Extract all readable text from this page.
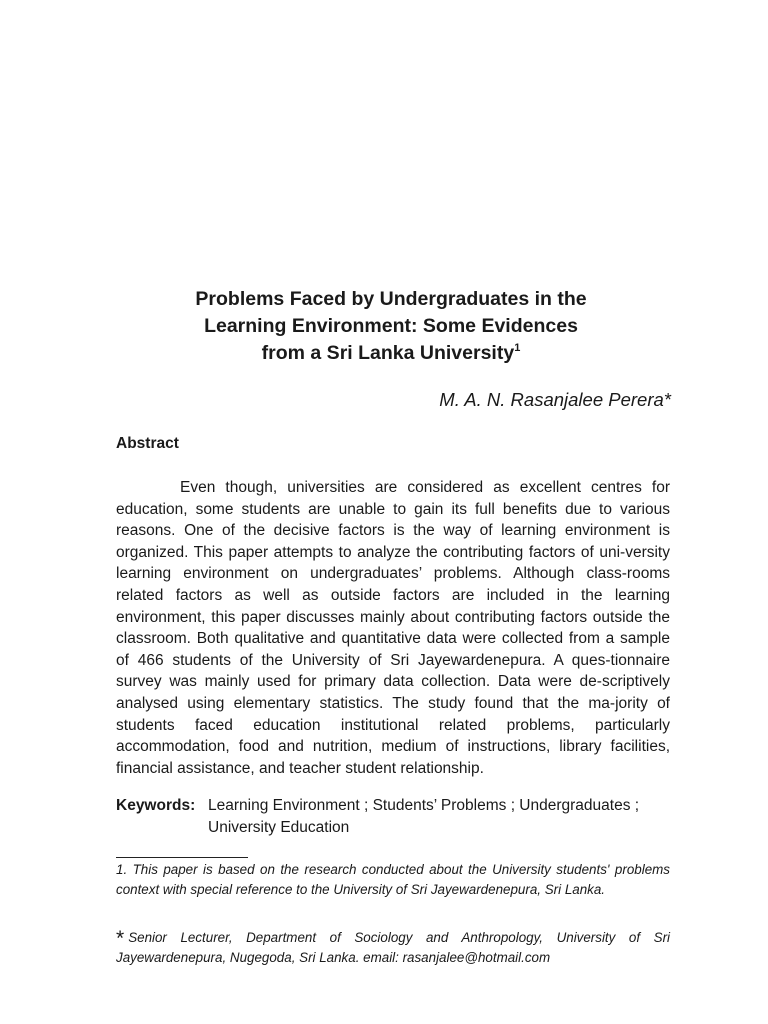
Problems Faced by Undergraduates in the
Learning Environment: Some Evidences
from a Sri Lanka University$^1$

M. A. N. Rasanjalee Perera*

Abstract

Even though, universities are considered as excellent centres for education, some students are unable to gain its full benefits due to various reasons. One of the decisive factors is the way of learning environment is organized. This paper attempts to analyze the contributing factors of uni-versity learning environment on undergraduates’ problems. Although class-rooms related factors as well as outside factors are included in the learning environment, this paper discusses mainly about contributing factors outside the classroom. Both qualitative and quantitative data were collected from a sample of 466 students of the University of Sri Jayewardenepura. A ques-tionnaire survey was mainly used for primary data collection. Data were de-scriptively analysed using elementary statistics. The study found that the ma-jority of students faced education institutional related problems, particularly accommodation, food and nutrition, medium of instructions, library facilities, financial assistance, and teacher student relationship.

Keywords: Learning Environment ; Students’ Problems ; Undergraduates ;
University Education

1. This paper is based on the research conducted about the University students' problems context with special reference to the University of Sri Jayewardenepura, Sri Lanka.

* Senior Lecturer, Department of Sociology and Anthropology, University of Sri Jayewardenepura, Nugegoda, Sri Lanka. email: rasanjalee@hotmail.com
